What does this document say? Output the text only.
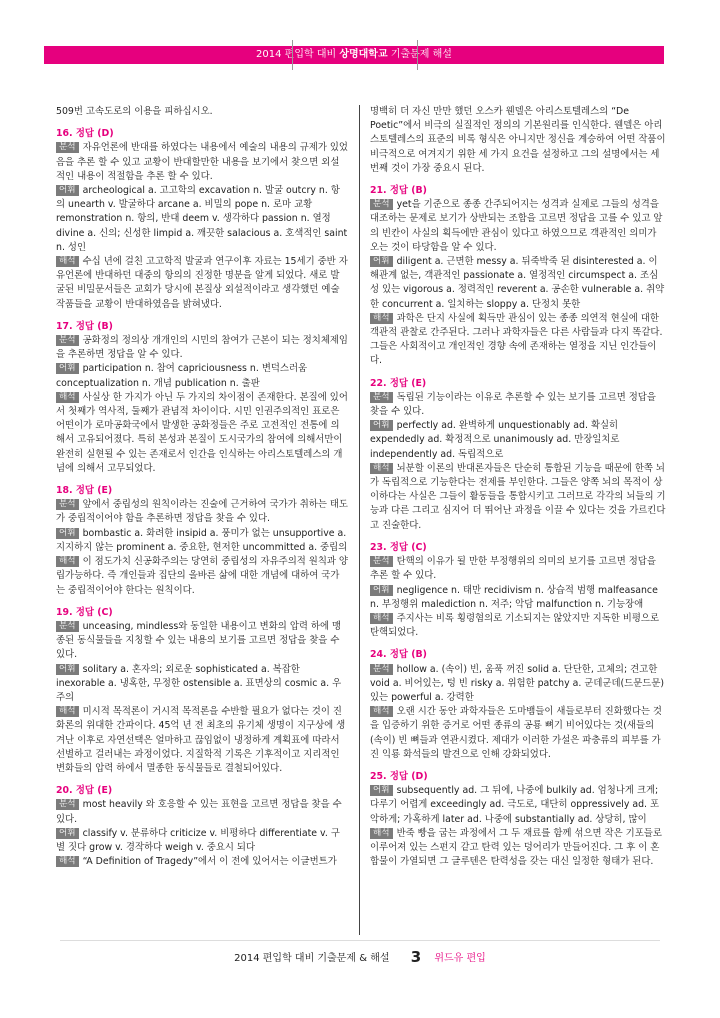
2014 편입학 대비 상명대학교 기출문제 해설
509번 고속도로의 이용을 피하십시오.
16. 정답 (D)
분석 자유언론에 반대를 하였다는 내용에서 예술의 내용의 규제가 있었음을 추론 할 수 있고 교황이 반대할만한 내용을 보기에서 찾으면 외설적인 내용이 적절함을 추론 할 수 있다.
어휘 archeological a. 고고학의 excavation n. 발굴 outcry n. 항의 unearth v. 발굴하다 arcane a. 비밀의 pope n. 로마 교황 remonstration n. 항의, 반대 deem v. 생각하다 passion n. 열정 divine a. 신의; 신성한 limpid a. 깨끗한 salacious a. 호색적인 saint n. 성인
해석 수십 년에 걸친 고고학적 발굴과 연구이후 자료는 15세기 중반 자유언론에 반대하던 대중의 항의의 진정한 명분을 알게 되었다. 새로 발굴된 비밀문서들은 교회가 당시에 본질상 외설적이라고 생각했던 예술작품들을 교황이 반대하였음을 밝혀냈다.
17. 정답 (B)
분석 공화정의 정의상 개개인의 시민의 참여가 근본이 되는 정치체제임을 추론하면 정답을 알 수 있다.
어휘 participation n. 참여 capriciousness n. 변덕스러움 conceptualization n. 개념 publication n. 출판
해석 사실상 한 가지가 아닌 두 가지의 차이점이 존재한다. 본질에 있어서 첫째가 역사적, 둘째가 관념적 차이이다. 시민 인권주의적인 표로은 어떤이가 로마공화국에서 발생한 공화정들은 주로 고전적인 전통에 의해서 고유되어졌다. 특히 본성과 본질이 도시국가의 참여에 의해서만이 완전히 실현될 수 있는 존재로서 인간을 인식하는 아리스토텔레스의 개념에 의해서 고무되었다.
18. 정답 (E)
분석 앞에서 중립성의 원칙이라는 진술에 근거하여 국가가 취하는 태도가 중립적이어야 함을 추론하면 정답을 찾을 수 있다.
어휘 bombastic a. 화려한 insipid a. 풍미가 없는 unsupportive a. 지지하지 않는 prominent a. 중요한, 현저한 uncommitted a. 중립의
해석 이 점도가치 신공화주의는 당연히 중립성의 자유주의적 원칙과 양립가능하다. 즉 개인들과 집단의 올바른 삶에 대한 개념에 대하여 국가는 중립적이어야 한다는 원칙이다.
19. 정답 (C)
분석 unceasing, mindless와 동일한 내용이고 변화의 압력 하에 맹종된 동식물들을 지칭할 수 있는 내용의 보기를 고르면 정답을 찾을 수 있다.
어휘 solitary a. 혼자의; 외로운 sophisticated a. 복잡한 inexorable a. 냉혹한, 무정한 ostensible a. 표면상의 cosmic a. 우주의
해석 미시적 목적론이 거시적 목적론을 수반할 필요가 없다는 것이 진화론의 위대한 간파이다. 45억 년 전 최초의 유기체 생명이 지구상에 생겨난 이후로 자연선택은 얼마하고 끊임없이 냉정하게 계획표에 따라서 선별하고 걸러내는 과정이었다. 지질학적 기록은 기후적이고 지리적인 변화들의 압력 하에서 멸종한 동식물들로 결철되어있다.
20. 정답 (E)
분석 most heavily 와 호응할 수 있는 표현을 고르면 정답을 찾을 수 있다.
어휘 classify v. 분류하다 criticize v. 비평하다 differentiate v. 구별 짓다 grow v. 경작하다 weigh v. 중요시 되다
해석 “A Definition of Tragedy”에서 이 전에 있어서는 이글번트가
명백히 더 자신 만만 했던 오스카 웬델은 아리스토텔레스의 “De Poetic”에서 비극의 실질적인 정의의 기본원리를 인식한다. 웬델은 아리스토텔레스의 표준의 비록 형식은 아니지만 정신을 계승하여 어떤 작품이 비극적으로 여겨지기 위한 세 가지 요건을 설정하고 그의 설명에서는 세 번째 것이 가장 중요시 된다.
21. 정답 (B)
분석 yet을 기준으로 종종 간주되어지는 성격과 실제로 그들의 성격을 대조하는 문제로 보기가 상반되는 조합을 고르면 정답을 고를 수 있고 앞의 빈칸이 사실의 획득에만 관심이 있다고 하였으므로 객관적인 의미가 오는 것이 타당함을 알 수 있다.
어휘 diligent a. 근면한 messy a. 뒤죽박죽 된 disinterested a. 이해관계 없는, 객관적인 passionate a. 열정적인 circumspect a. 조심성 있는 vigorous a. 정력적인 reverent a. 공손한 vulnerable a. 취약한 concurrent a. 일치하는 sloppy a. 단정치 못한
해석 과학은 단지 사실에 획득만 관심이 있는 종종 의연적 현실에 대한 객관적 관찰로 간주된다. 그러나 과학자들은 다른 사람들과 다지 똑같다. 그들은 사회적이고 개인적인 경향 속에 존재하는 열정을 지닌 인간들이다.
22. 정답 (E)
분석 독립된 기능이라는 이유로 추론할 수 있는 보기를 고르면 정답을 찾을 수 있다.
어휘 perfectly ad. 완벽하게 unquestionably ad. 확실히 expendedly ad. 확정적으로 unanimously ad. 만장일치로 independently ad. 독립적으로
해석 뇌분할 이론의 반대론자들은 단순히 통합된 기능을 때문에 한쪽 뇌가 독립적으로 기능한다는 전제를 부인한다. 그들은 양쪽 뇌의 목적이 상이하다는 사실은 그들이 활동들을 통합시키고 그러므로 각각의 뇌들의 기능과 다른 그리고 심지어 더 뛰어난 과정을 이끌 수 있다는 것을 가르킨다고 진술한다.
23. 정답 (C)
분석 탄핵의 이유가 될 만한 부정행위의 의미의 보기를 고르면 정답을 추론 할 수 있다.
어휘 negligence n. 태만 recidivism n. 상습적 범행 malfeasance n. 부정행위 malediction n. 저주; 악담 malfunction n. 기능장애
해석 주지사는 비록 횡령혐의로 기소되지는 않았지만 지독한 비평으로 탄핵되었다.
24. 정답 (B)
분석 hollow a. (속이) 빈, 움푹 꺼진 solid a. 단단한, 고체의; 견고한 void a. 비어있는, 텅 빈 risky a. 위험한 patchy a. 군데군데(드문드문) 있는 powerful a. 강력한
해석 오랜 시간 동안 과학자들은 도마뱀들이 새들로부터 진화했다는 것을 입증하기 위한 증거로 어떤 종류의 공룡 뼈기 비어있다는 것(새들의 (속이) 빈 뼈들과 연관시켰다. 제대가 이러한 가설은 파충류의 피부를 가진 익룡 화석들의 발견으로 인해 강화되었다.
25. 정답 (D)
어휘 subsequently ad. 그 뒤에, 나중에 bulkily ad. 엄청나게 크게; 다루기 어렵게 exceedingly ad. 극도로, 대단히 oppressively ad. 포악하게; 가혹하게 later ad. 나중에 substantially ad. 상당히, 많이
해석 반죽 빵을 굽는 과정에서 그 두 재료를 함께 섞으면 작은 기포들로 이루어져 있는 스펀지 같고 탄력 있는 덩어리가 만들어진다. 그 후 이 혼합물이 가열되면 그 글루텐은 탄력성을 갖는 대신 일정한 형태가 된다.
2014 편입학 대비 기출문제 & 해설 3 위드유 편입
